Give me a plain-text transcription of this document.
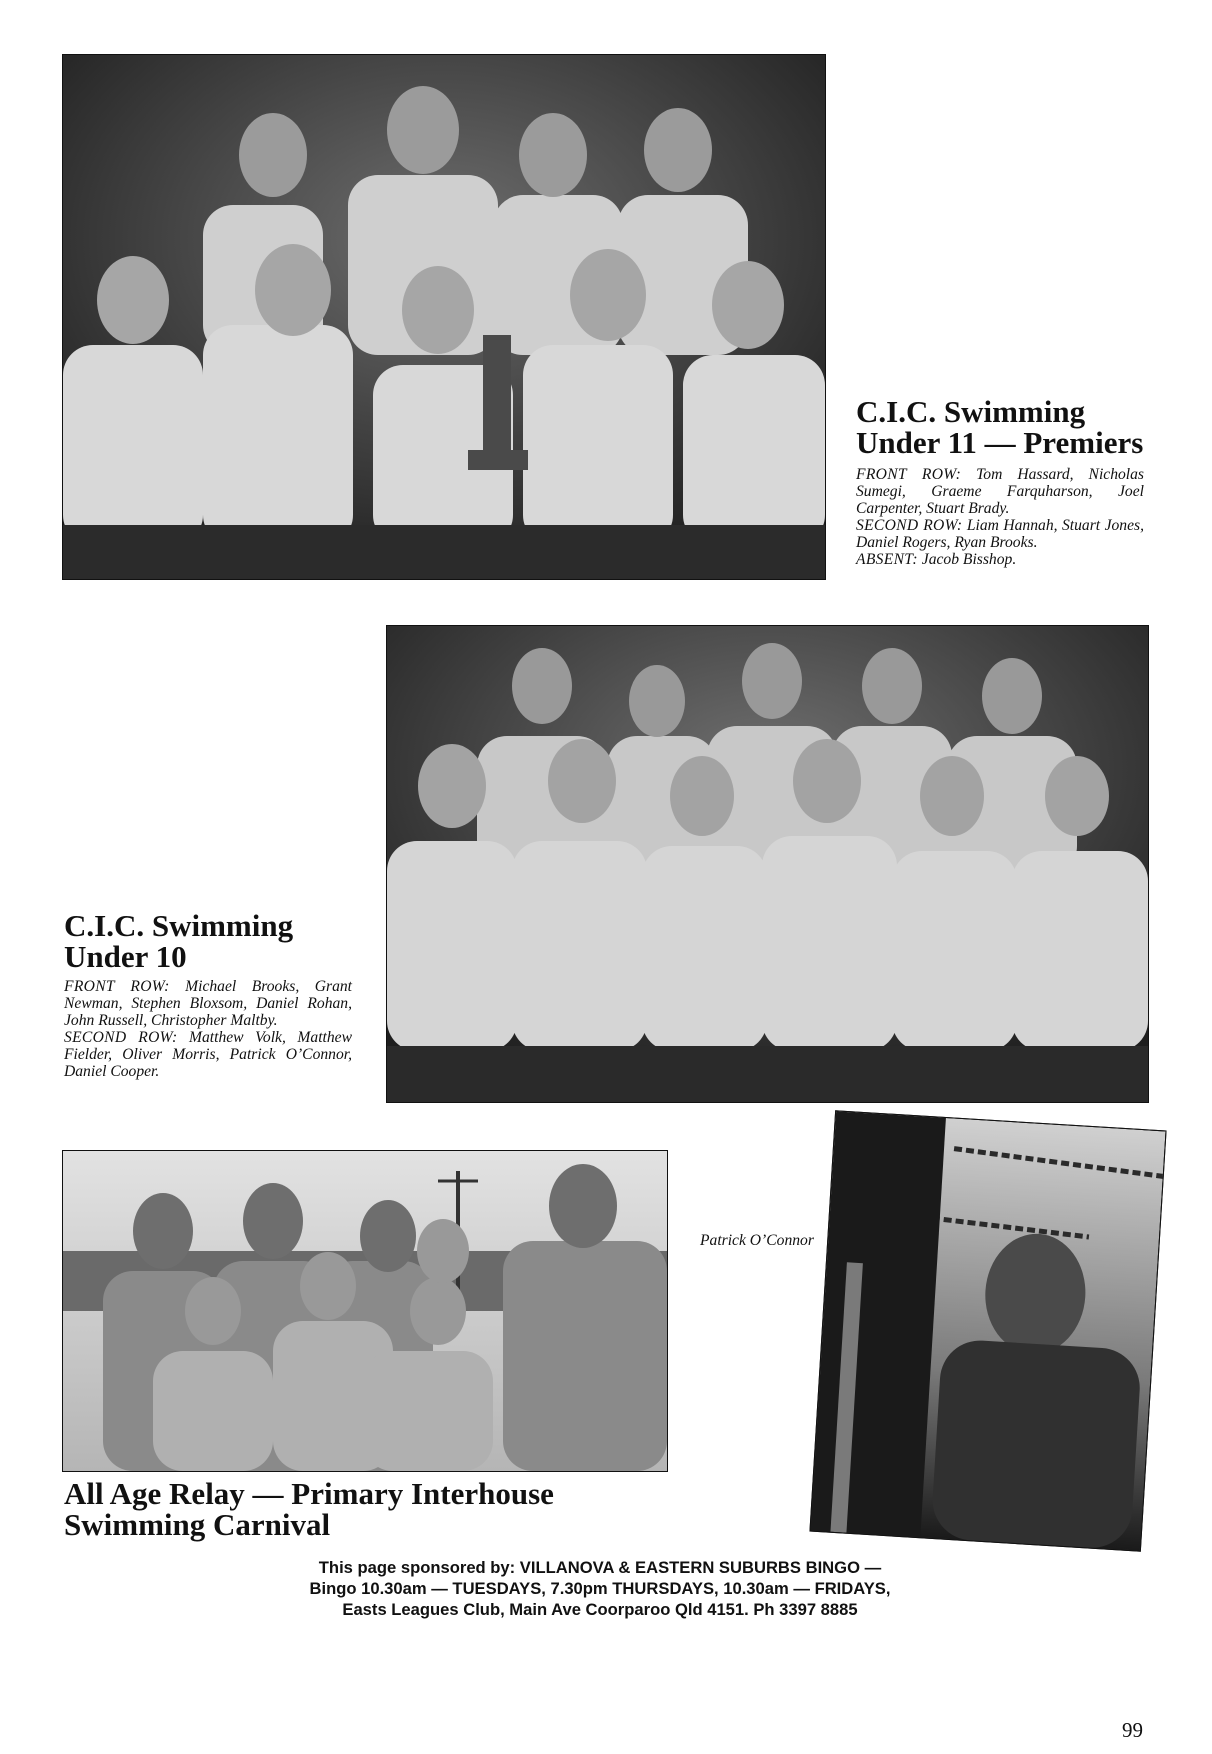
C.I.C. Swimming
Under 11 — Premiers

FRONT ROW: Tom Hassard, Nicholas Sumegi, Graeme Farquharson, Joel Carpenter, Stuart Brady.

SECOND ROW: Liam Hannah, Stuart Jones, Daniel Rogers, Ryan Brooks.

ABSENT: Jacob Bisshop.

C.I.C. Swimming
Under 10

FRONT ROW: Michael Brooks, Grant Newman, Stephen Bloxsom, Daniel Rohan, John Russell, Christopher Maltby.

SECOND ROW: Matthew Volk, Matthew Fielder, Oliver Morris, Patrick O’Connor, Daniel Cooper.

All Age Relay — Primary Interhouse
Swimming Carnival
Patrick O’Connor
This page sponsored by: VILLANOVA & EASTERN SUBURBS BINGO —
Bingo 10.30am — TUESDAYS, 7.30pm THURSDAYS, 10.30am — FRIDAYS,
Easts Leagues Club, Main Ave Coorparoo Qld 4151. Ph 3397 8885
99
